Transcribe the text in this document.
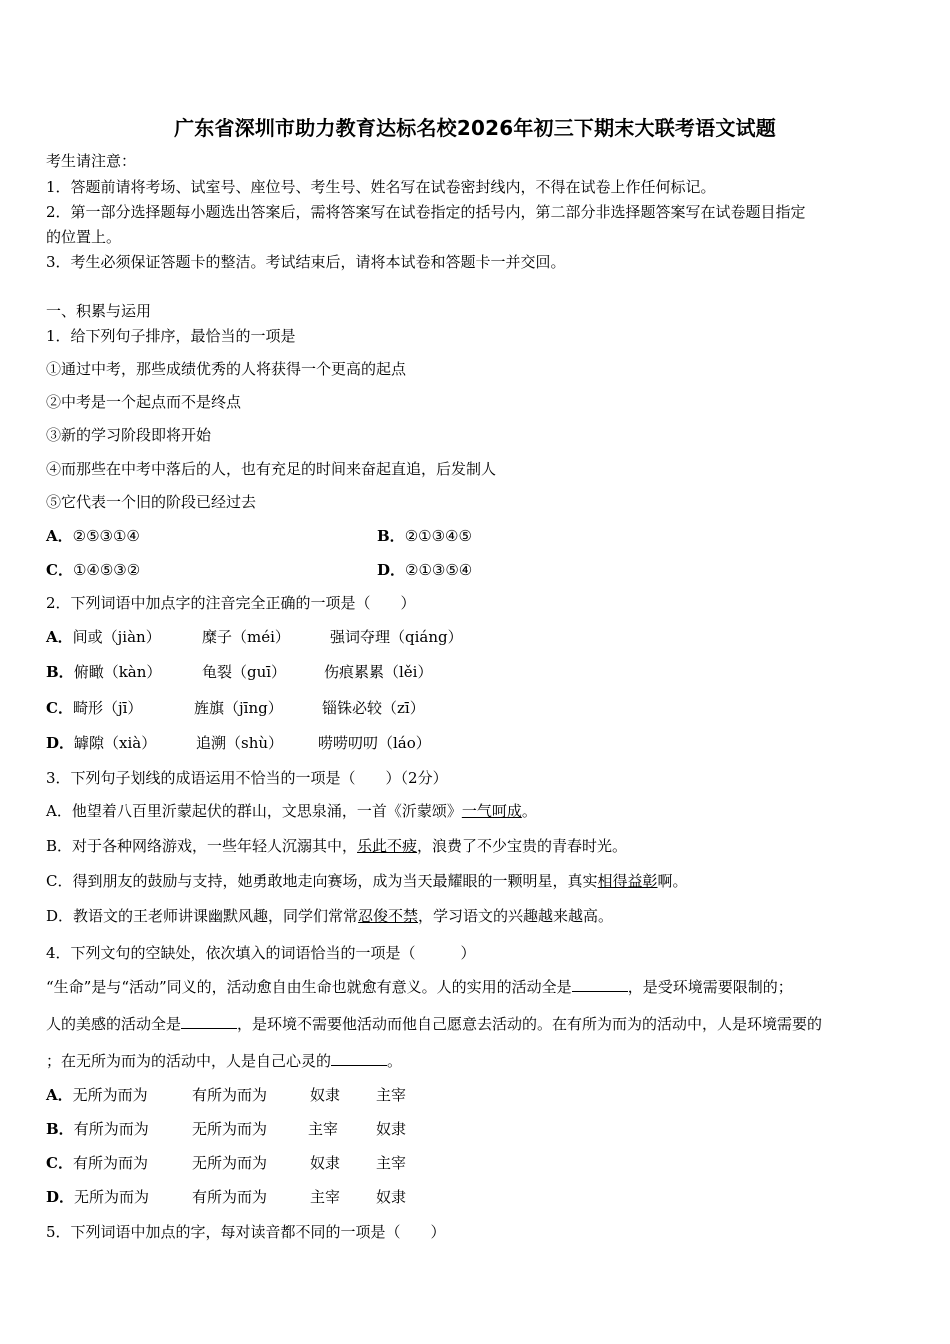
广东省深圳市助力教育达标名校2026年初三下期末大联考语文试题
考生请注意：
1．答题前请将考场、试室号、座位号、考生号、姓名写在试卷密封线内，不得在试卷上作任何标记。
2．第一部分选择题每小题选出答案后，需将答案写在试卷指定的括号内，第二部分非选择题答案写在试卷题目指定
的位置上。
3．考生必须保证答题卡的整洁。考试结束后，请将本试卷和答题卡一并交回。
一、积累与运用
1．给下列句子排序，最恰当的一项是
①通过中考，那些成绩优秀的人将获得一个更高的起点
②中考是一个起点而不是终点
③新的学习阶段即将开始
④而那些在中考中落后的人，也有充足的时间来奋起直追，后发制人
⑤它代表一个旧的阶段已经过去
A．②⑤③①④	B．②①③④⑤
C．①④⑤③②	D．②①③⑤④
2．下列词语中加点字的注音完全正确的一项是（　　）
A．间或（jiàn）	糜子（méi）	强词夺理（qiáng）
B．俯瞰（kàn）	龟裂（guī）	伤痕累累（lěi）
C．畸形（jī）	旌旗（jīng）	锱铢必较（zī）
D．罅隙（xià）	追溯（shù） 唠唠叨叨（láo）
3．下列句子划线的成语运用不恰当的一项是（　　）（2分）
A．他望着八百里沂蒙起伏的群山，文思泉涌，一首《沂蒙颂》一气呵成。
B．对于各种网络游戏，一些年轻人沉溺其中，乐此不疲，浪费了不少宝贵的青春时光。
C．得到朋友的鼓励与支持，她勇敢地走向赛场，成为当天最耀眼的一颗明星，真实相得益彰啊。
D．教语文的王老师讲课幽默风趣，同学们常常忍俊不禁，学习语文的兴趣越来越高。
4．下列文句的空缺处，依次填入的词语恰当的一项是（　　　）
“生命”是与“活动”同义的，活动愈自由生命也就愈有意义。人的实用的活动全是	，是受环境需要限制的；
人的美感的活动全是	，是环境不需要他活动而他自己愿意去活动的。在有所为而为的活动中，人是环境需要的
；在无所为而为的活动中，人是自己心灵的	。
A．无所为而为	有所为而为	奴隶 主宰
B．有所为而为	无所为而为	主宰	奴隶
C．有所为而为	无所为而为	奴隶 主宰
D．无所为而为	有所为而为	主宰 奴隶
5．下列词语中加点的字，每对读音都不同的一项是（　　）
